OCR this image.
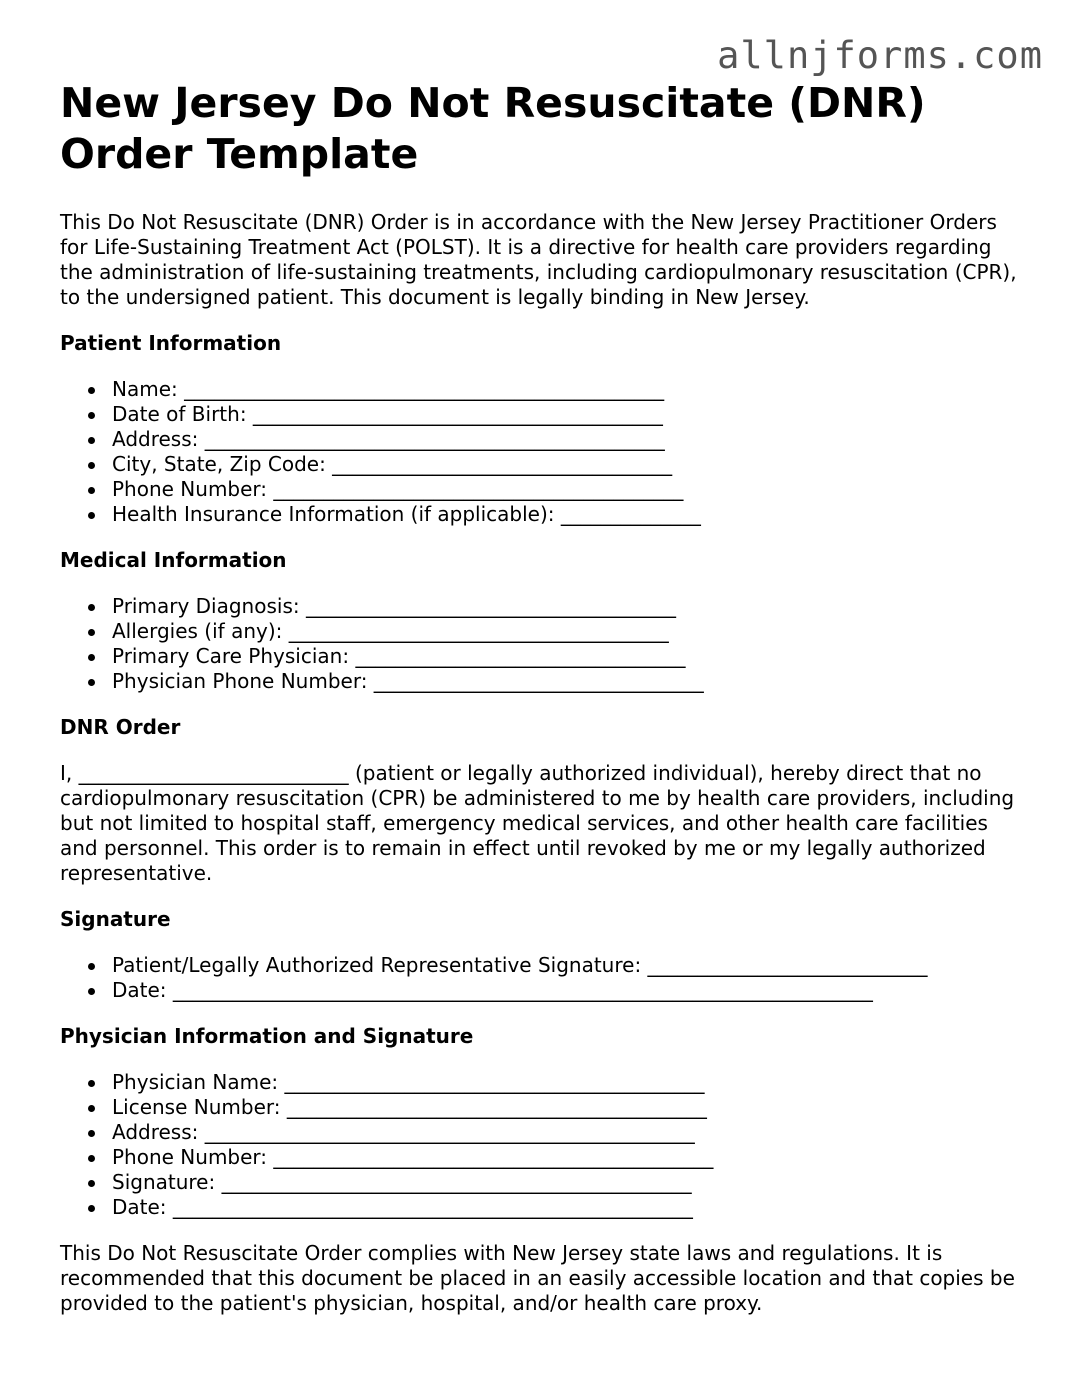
allnjforms.com
New Jersey Do Not Resuscitate (DNR) Order Template

This Do Not Resuscitate (DNR) Order is in accordance with the New Jersey Practitioner Orders for Life-Sustaining Treatment Act (POLST). It is a directive for health care providers regarding the administration of life-sustaining treatments, including cardiopulmonary resuscitation (CPR), to the undersigned patient. This document is legally binding in New Jersey.

Patient Information
Name: ________________________________________________
Date of Birth: _________________________________________
Address: ______________________________________________
City, State, Zip Code: __________________________________
Phone Number: _________________________________________
Health Insurance Information (if applicable): ______________
Medical Information
Primary Diagnosis: _____________________________________
Allergies (if any): ______________________________________
Primary Care Physician: _________________________________
Physician Phone Number: _________________________________
DNR Order

I, ___________________________ (patient or legally authorized individual), hereby direct that no cardiopulmonary resuscitation (CPR) be administered to me by health care providers, including but not limited to hospital staff, emergency medical services, and other health care facilities and personnel. This order is to remain in effect until revoked by me or my legally authorized representative.

Signature
Patient/Legally Authorized Representative Signature: ____________________________
Date: ______________________________________________________________________
Physician Information and Signature
Physician Name: __________________________________________
License Number: __________________________________________
Address: _________________________________________________
Phone Number: ____________________________________________
Signature: _______________________________________________
Date: ____________________________________________________

This Do Not Resuscitate Order complies with New Jersey state laws and regulations. It is recommended that this document be placed in an easily accessible location and that copies be provided to the patient's physician, hospital, and/or health care proxy.
